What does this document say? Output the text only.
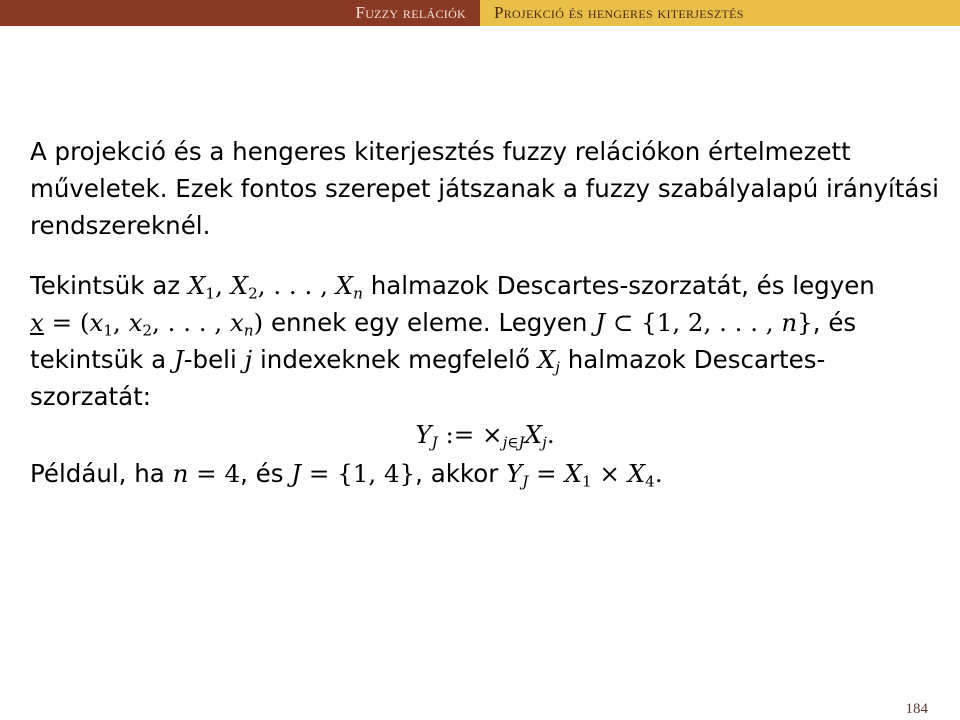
Fuzzy relációk Projekció és hengeres kiterjesztés

A projekció és a hengeres kiterjesztés fuzzy relációkon értelmezett műveletek. Ezek fontos szerepet játszanak a fuzzy szabályalapú irányítási rendszereknél.

Tekintsük az $X_1$, $X_2$, . . . , $X_n$ halmazok Descartes-szorzatát, és legyen
$x = (x_1$, $x_2$, . . . , $x_n$) ennek egy eleme. Legyen J ⊂ {1, 2, . . . , n}, és
tekintsük a J-beli j indexeknek megfelelő $X_j$ halmazok Descartes-szorzatát:

$Y_J$ := $\times_{j\in J}X_j$.

Például, ha n = 4, és J = {1, 4}, akkor $Y_J = X_1 \times X_4$.

184
